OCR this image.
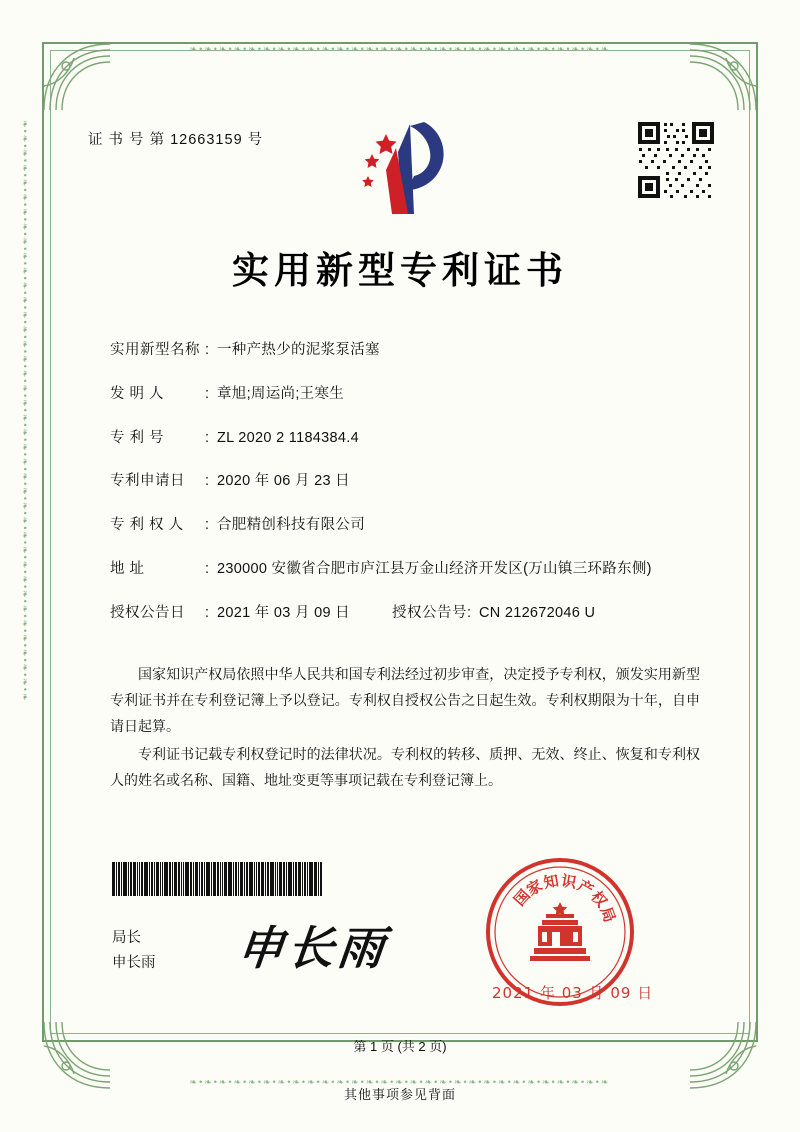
❧•❧•❧•❧•❧•❧•❧•❧•❧•❧•❧•❧•❧•❧•❧•❧•❧•❧•❧•❧•❧•❧•❧•❧•❧•❧•❧•❧•❧
❧•❧•❧•❧•❧•❧•❧•❧•❧•❧•❧•❧•❧•❧•❧•❧•❧•❧•❧•❧•❧•❧•❧•❧•❧•❧•❧•❧•❧
❧•❧•❧•❧•❧•❧•❧•❧•❧•❧•❧•❧•❧•❧•❧•❧•❧•❧•❧•❧•❧•❧•❧•❧•❧•❧•❧•❧•❧•❧•❧•❧•❧•❧•❧•❧•❧•❧•❧•❧	证 书 号 第 12663159 号
实用新型专利证书
实用新型名称 : 一种产热少的泥浆泵活塞
发 明 人	: 章旭;周运尚;王寒生
专 利 号	: ZL 2020 2 1184384.4
专利申请日	: 2020 年 06 月 23 日
专 利 权 人	: 合肥精创科技有限公司
地 址	: 230000 安徽省合肥市庐江县万金山经济开发区(万山镇三环路东侧)
授权公告日	: 2021 年 03 月 09 日	授权公告号 : CN 212672046 U

国家知识产权局依照中华人民共和国专利法经过初步审查，决定授予专利权，颁发实用新型专利证书并在专利登记簿上予以登记。专利权自授权公告之日起生效。专利权期限为十年，自申请日起算。

专利证书记载专利权登记时的法律状况。专利权的转移、质押、无效、终止、恢复和专利权人的姓名或名称、国籍、地址变更等事项记载在专利登记簿上。

局长
申长雨 申长雨
国
家
知 识
产
权
局
2021 年 03 月 09 日
第 1 页 (共 2 页)
其他事项参见背面
